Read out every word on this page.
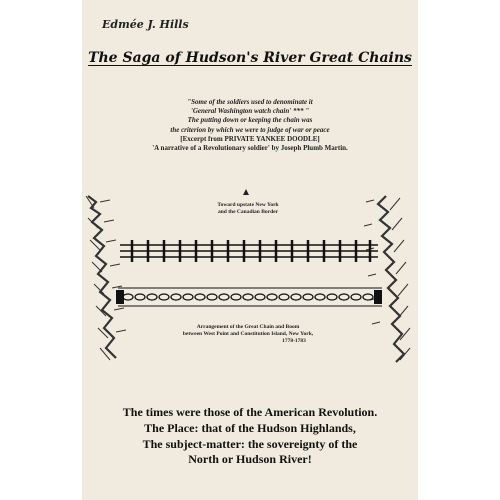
Edmée J. Hills
The Saga of Hudson's River Great Chains
"Some of the soldiers used to denominate it
'General Washington watch chain' *** "
The putting down or keeping the chain was
the criterion by which we were to judge of war or peace
[Excerpt from PRIVATE YANKEE DOODLE]
'A narrative of a Revolutionary soldier' by Joseph Plumb Martin.
Toward upstate New York
and the Canadian Border
Arrangement of the Great Chain and Boom
between West Point and Constitution Island, New York,
1778-1783
The times were those of the American Revolution.
The Place: that of the Hudson Highlands,
The subject-matter: the sovereignty of the
North or Hudson River!
